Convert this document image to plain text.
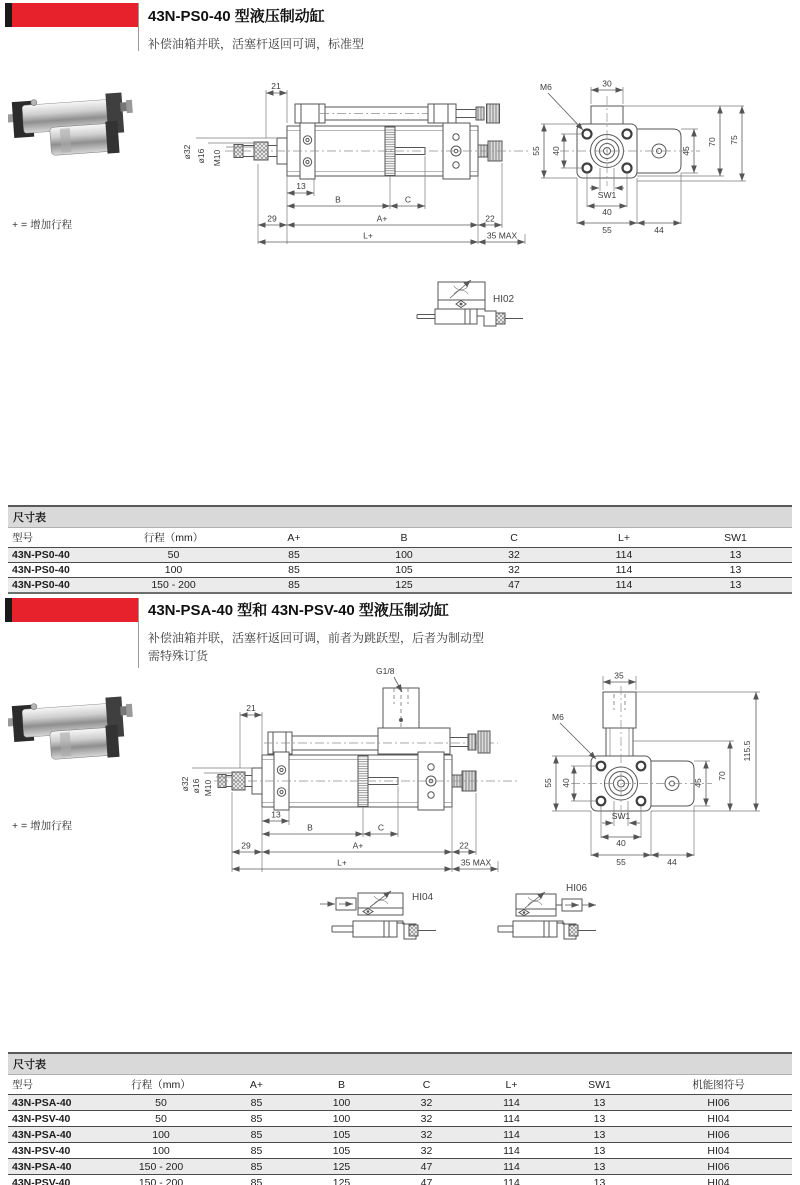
43N-PS0-40 型液压制动缸
补偿油箱并联，活塞杆返回可调，标准型
+ = 增加行程
21
ø32 ø16 M10
13
B	C
29	A+	22
L+	35 MAX
M6	30
55 40	45
70 75
SW1
40
55	44
HI02
尺寸表						
型号	行程（mm）	A+	B	C	L+	SW1
43N-PS0-40	50	85	100	32	114	13
43N-PS0-40	100	85	105	32	114	13
43N-PS0-40	150 - 200	85	125	47	114	13
43N-PSA-40 型和 43N-PSV-40 型液压制动缸
补偿油箱并联，活塞杆返回可调，前者为跳跃型，后者为制动型
需特殊订货
+ = 增加行程
G1/8
21
ø32 ø16 M10
13
B	C
29	A+	22
L+	35 MAX
35
M6
55 40	45
70
115.5
SW1
40
55	44
HI04
HI06
尺寸表							
型号	行程（mm）	A+	B	C	L+	SW1	机能图符号
43N-PSA-40	50	85	100	32	114	13	HI06
43N-PSV-40	50	85	100	32	114	13	HI04
43N-PSA-40	100	85	105	32	114	13	HI06
43N-PSV-40	100	85	105	32	114	13	HI04
43N-PSA-40	150 - 200	85	125	47	114	13	HI06
43N-PSV-40	150 - 200	85	125	47	114	13	HI04
